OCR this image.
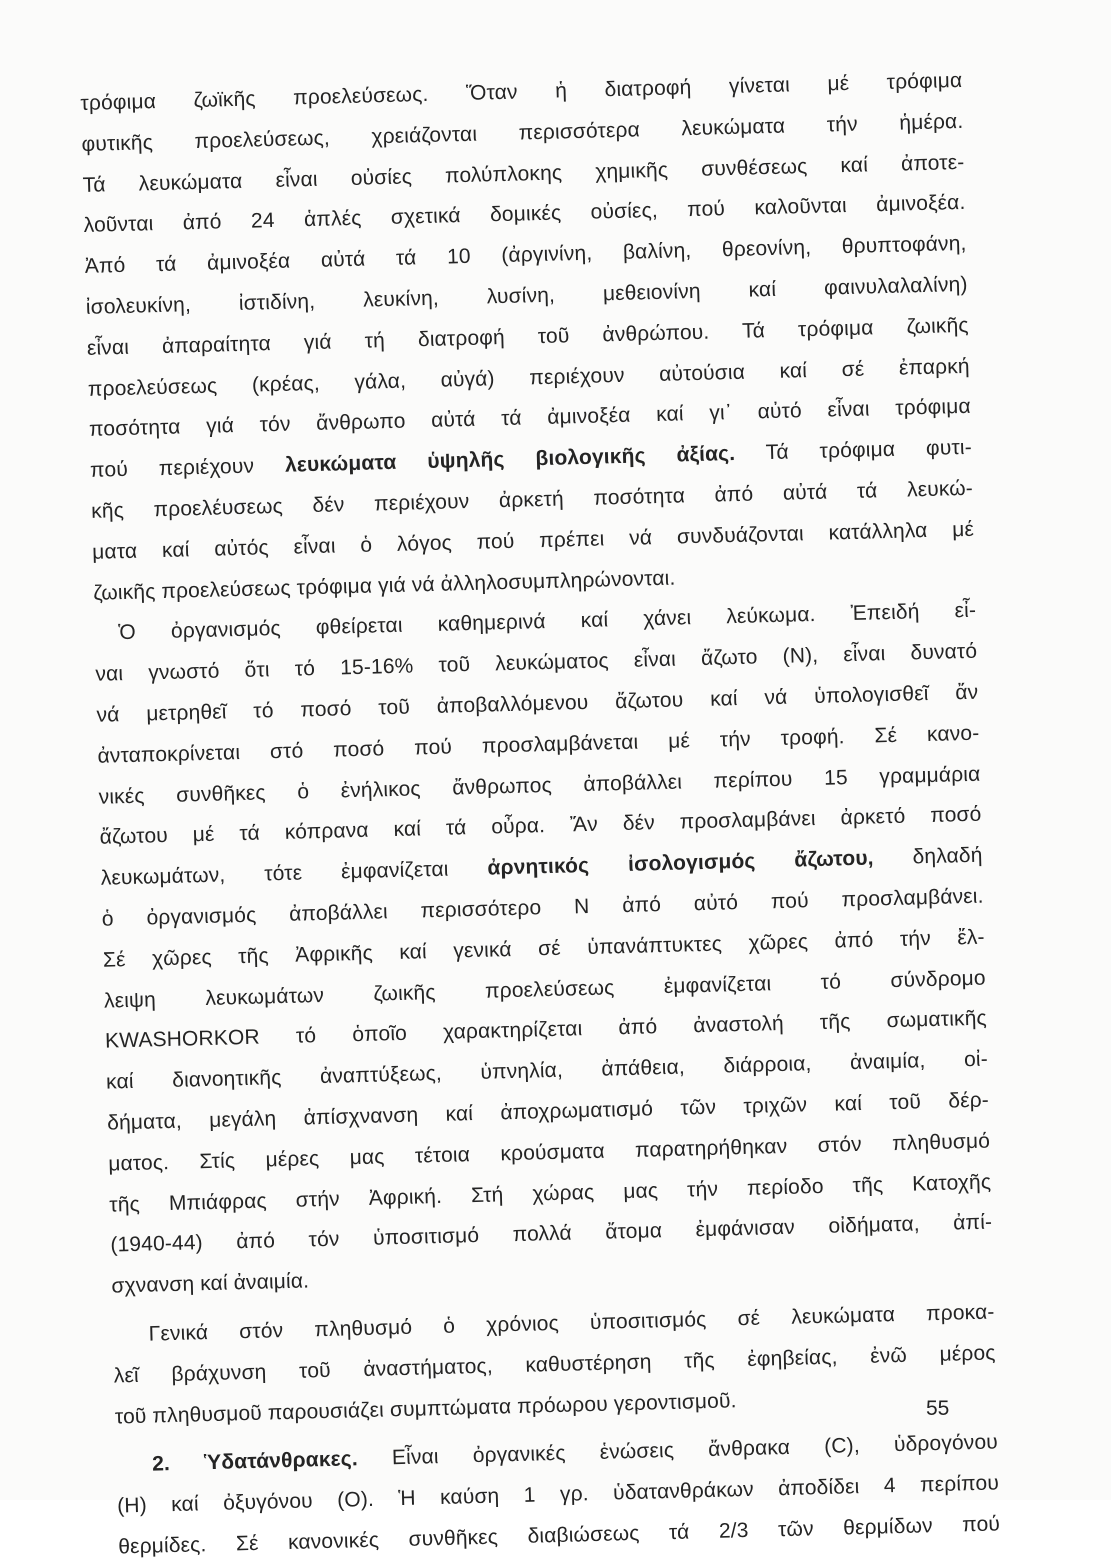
τρόφιμα ζωϊκῆς προελεύσεως. Ὅταν ἡ διατροφή γίνεται μέ τρόφιμα
φυτικῆς προελεύσεως, χρειάζονται περισσότερα λευκώματα τήν ἡμέρα.
Τά λευκώματα εἶναι οὐσίες πολύπλοκης χημικῆς συνθέσεως καί ἀποτε-
λοῦνται ἀπό 24 ἁπλές σχετικά δομικές οὐσίες, πού καλοῦνται ἀμινοξέα.
Ἀπό τά ἀμινοξέα αὐτά τά 10 (ἀργινίνη, βαλίνη, θρεονίνη, θρυπτοφάνη,
ἰσολευκίνη, ἰστιδίνη, λευκίνη, λυσίνη, μεθειονίνη καί φαινυλαλαλίνη)
εἶναι ἀπαραίτητα γιά τή διατροφή τοῦ ἀνθρώπου. Τά τρόφιμα ζωικῆς
προελεύσεως (κρέας, γάλα, αὐγά) περιέχουν αὐτούσια καί σέ ἐπαρκή
ποσότητα γιά τόν ἄνθρωπο αὐτά τά ἀμινοξέα καί γι᾽ αὐτό εἶναι τρόφιμα
πού περιέχουν λευκώματα ὑψηλῆς βιολογικῆς ἀξίας. Τά τρόφιμα φυτι-
κῆς προελέυσεως δέν περιέχουν ἀρκετή ποσότητα ἀπό αὐτά τά λευκώ-
ματα καί αὐτός εἶναι ὁ λόγος πού πρέπει νά συνδυάζονται κατάλληλα μέ
ζωικῆς προελεύσεως τρόφιμα γιά νά ἀλληλοσυμπληρώνονται.
Ὁ ὀργανισμός φθείρεται καθημερινά καί χάνει λεύκωμα. Ἐπειδή εἶ-
ναι γνωστό ὅτι τό 15-16% τοῦ λευκώματος εἶναι ἄζωτο (Ν), εἶναι δυνατό
νά μετρηθεῖ τό ποσό τοῦ ἀποβαλλόμενου ἄζωτου καί νά ὑπολογισθεῖ ἄν
ἀνταποκρίνεται στό ποσό πού προσλαμβάνεται μέ τήν τροφή. Σέ κανο-
νικές συνθῆκες ὁ ἐνήλικος ἄνθρωπος ἀποβάλλει περίπου 15 γραμμάρια
ἄζωτου μέ τά κόπρανα καί τά οὖρα. Ἄν δέν προσλαμβάνει ἀρκετό ποσό
λευκωμάτων, τότε ἐμφανίζεται ἀρνητικός ἰσολογισμός ἄζωτου, δηλαδή
ὁ ὀργανισμός ἀποβάλλει περισσότερο Ν ἀπό αὐτό πού προσλαμβάνει.
Σέ χῶρες τῆς Ἀφρικῆς καί γενικά σέ ὑπανάπτυκτες χῶρες ἀπό τήν ἔλ-
λειψη λευκωμάτων ζωικῆς προελεύσεως ἐμφανίζεται τό σύνδρομο
KWASHORKOR τό ὁποῖο χαρακτηρίζεται ἀπό ἀναστολή τῆς σωματικῆς
καί διανοητικῆς ἀναπτύξεως, ὑπνηλία, ἀπάθεια, διάρροια, ἀναιμία, οἰ-
δήματα, μεγάλη ἀπίσχνανση καί ἀποχρωματισμό τῶν τριχῶν καί τοῦ δέρ-
ματος. Στίς μέρες μας τέτοια κρούσματα παρατηρήθηκαν στόν πληθυσμό
τῆς Μπιάφρας στήν Ἀφρική. Στή χώρας μας τήν περίοδο τῆς Κατοχῆς
(1940-44) ἀπό τόν ὑποσιτισμό πολλά ἄτομα ἐμφάνισαν οἰδήματα, ἀπί-
σχνανση καί ἀναιμία.
Γενικά στόν πληθυσμό ὁ χρόνιος ὑποσιτισμός σέ λευκώματα προκα-
λεῖ βράχυνση τοῦ ἀναστήματος, καθυστέρηση τῆς ἐφηβείας, ἐνῶ μέρος
τοῦ πληθυσμοῦ παρουσιάζει συμπτώματα πρόωρου γεροντισμοῦ.
2. Ὑδατάνθρακες. Εἶναι ὀργανικές ἑνώσεις ἄνθρακα (C), ὑδρογόνου
(Η) καί ὀξυγόνου (Ο). Ἡ καύση 1 γρ. ὑδατανθράκων ἀποδίδει 4 περίπου
θερμίδες. Σέ κανονικές συνθῆκες διαβιώσεως τά 2/3 τῶν θερμίδων πού
55
